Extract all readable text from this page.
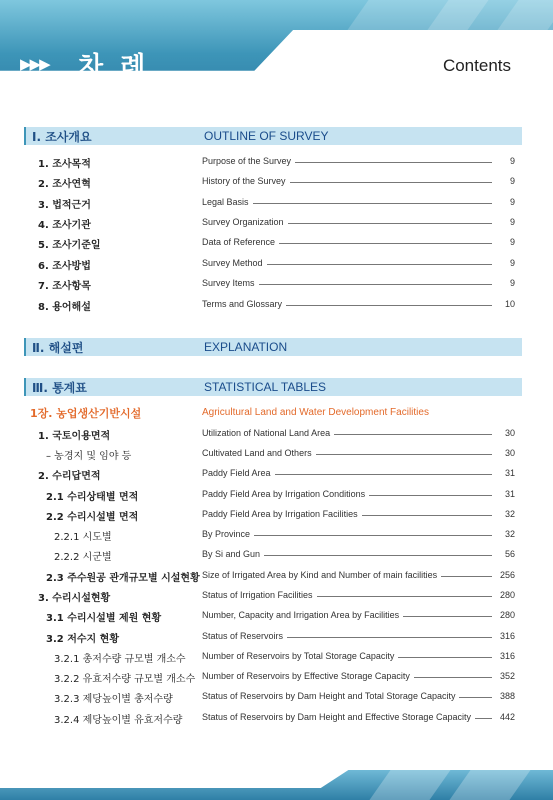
▶▶▶ 차 례	Contents
Ⅰ. 조사개요	OUTLINE OF SURVEY
1. 조사목적	Purpose of the Survey	9
2. 조사연혁	History of the Survey	9
3. 법적근거	Legal Basis	9
4. 조사기관	Survey Organization	9
5. 조사기준일	Data of Reference	9
6. 조사방법	Survey Method	9
7. 조사항목	Survey Items	9
8. 용어해설	Terms and Glossary	10
Ⅱ. 해설편	EXPLANATION
Ⅲ. 통계표	STATISTICAL TABLES
1장. 농업생산기반시설	Agricultural Land and Water Development Facilities
1. 국토이용면적	Utilization of National Land Area	30
– 농경지 및 임야 등	Cultivated Land and Others	30
2. 수리답면적	Paddy Field Area	31
2.1 수리상태별 면적	Paddy Field Area by Irrigation Conditions	31
2.2 수리시설별 면적	Paddy Field Area by Irrigation Facilities	32
2.2.1 시도별	By Province	32
2.2.2 시군별	By Si and Gun	56
2.3 주수원공 관개규모별 시설현황 Size of Irrigated Area by Kind and Number of main facilities	256
3. 수리시설현황	Status of Irrigation Facilities	280
3.1 수리시설별 제원 현황	Number, Capacity and Irrigation Area by Facilities	280
3.2 저수지 현황	Status of Reservoirs	316
3.2.1 총저수량 규모별 개소수 Number of Reservoirs by Total Storage Capacity	316
3.2.2 유효저수량 규모별 개소수 Number of Reservoirs by Effective Storage Capacity	352
3.2.3 제당높이별 총저수량	Status of Reservoirs by Dam Height and Total Storage Capacity	388
3.2.4 제당높이별 유효저수량 Status of Reservoirs by Dam Height and Effective Storage Capacity	442
